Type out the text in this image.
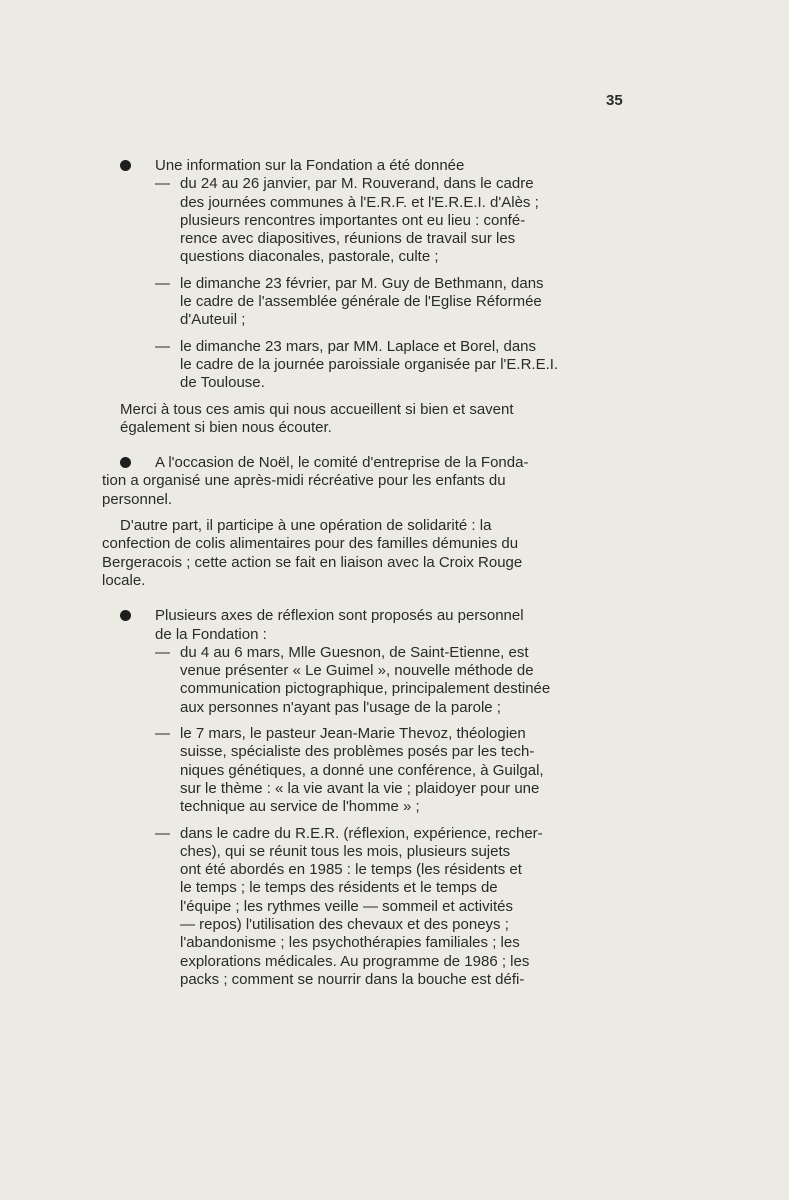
35
Une information sur la Fondation a été donnée
— du 24 au 26 janvier, par M. Rouverand, dans le cadre
des journées communes à l'E.R.F. et l'E.R.E.I. d'Alès ;
plusieurs rencontres importantes ont eu lieu : confé-
rence avec diapositives, réunions de travail sur les
questions diaconales, pastorale, culte ;
— le dimanche 23 février, par M. Guy de Bethmann, dans
le cadre de l'assemblée générale de l'Eglise Réformée
d'Auteuil ;
— le dimanche 23 mars, par MM. Laplace et Borel, dans
le cadre de la journée paroissiale organisée par l'E.R.E.I.
de Toulouse.
Merci à tous ces amis qui nous accueillent si bien et savent
également si bien nous écouter.
A l'occasion de Noël, le comité d'entreprise de la Fonda-
tion a organisé une après-midi récréative pour les enfants du
personnel.
D'autre part, il participe à une opération de solidarité : la
confection de colis alimentaires pour des familles démunies du
Bergeracois ; cette action se fait en liaison avec la Croix Rouge
locale.
Plusieurs axes de réflexion sont proposés au personnel
de la Fondation :
— du 4 au 6 mars, Mlle Guesnon, de Saint-Etienne, est
venue présenter « Le Guimel », nouvelle méthode de
communication pictographique, principalement destinée
aux personnes n'ayant pas l'usage de la parole ;
— le 7 mars, le pasteur Jean-Marie Thevoz, théologien
suisse, spécialiste des problèmes posés par les tech-
niques génétiques, a donné une conférence, à Guilgal,
sur le thème : « la vie avant la vie ; plaidoyer pour une
technique au service de l'homme » ;
— dans le cadre du R.E.R. (réflexion, expérience, recher-
ches), qui se réunit tous les mois, plusieurs sujets
ont été abordés en 1985 : le temps (les résidents et
le temps ; le temps des résidents et le temps de
l'équipe ; les rythmes veille — sommeil et activités
— repos) l'utilisation des chevaux et des poneys ;
l'abandonisme ; les psychothérapies familiales ; les
explorations médicales. Au programme de 1986 ; les
packs ; comment se nourrir dans la bouche est défi-
